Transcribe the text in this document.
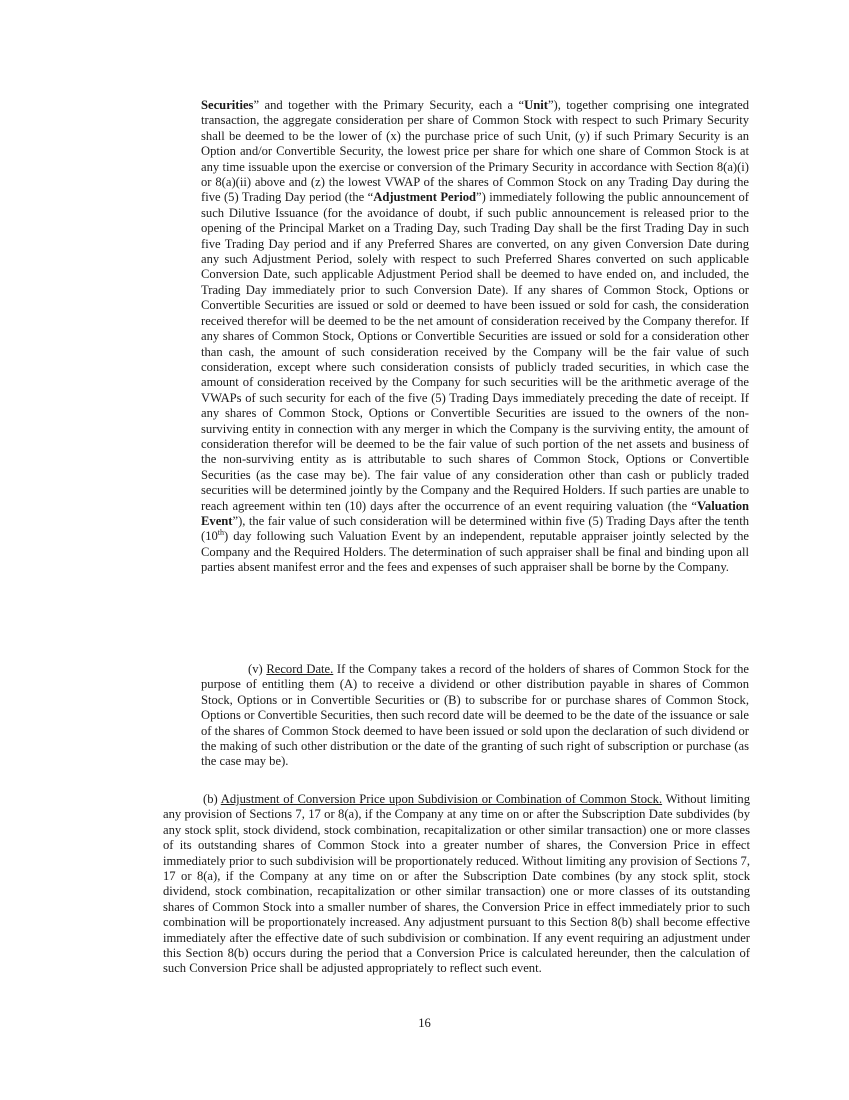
Securities” and together with the Primary Security, each a “Unit”), together comprising one integrated transaction, the aggregate consideration per share of Common Stock with respect to such Primary Security shall be deemed to be the lower of (x) the purchase price of such Unit, (y) if such Primary Security is an Option and/or Convertible Security, the lowest price per share for which one share of Common Stock is at any time issuable upon the exercise or conversion of the Primary Security in accordance with Section 8(a)(i) or 8(a)(ii) above and (z) the lowest VWAP of the shares of Common Stock on any Trading Day during the five (5) Trading Day period (the “Adjustment Period”) immediately following the public announcement of such Dilutive Issuance (for the avoidance of doubt, if such public announcement is released prior to the opening of the Principal Market on a Trading Day, such Trading Day shall be the first Trading Day in such five Trading Day period and if any Preferred Shares are converted, on any given Conversion Date during any such Adjustment Period, solely with respect to such Preferred Shares converted on such applicable Conversion Date, such applicable Adjustment Period shall be deemed to have ended on, and included, the Trading Day immediately prior to such Conversion Date). If any shares of Common Stock, Options or Convertible Securities are issued or sold or deemed to have been issued or sold for cash, the consideration received therefor will be deemed to be the net amount of consideration received by the Company therefor. If any shares of Common Stock, Options or Convertible Securities are issued or sold for a consideration other than cash, the amount of such consideration received by the Company will be the fair value of such consideration, except where such consideration consists of publicly traded securities, in which case the amount of consideration received by the Company for such securities will be the arithmetic average of the VWAPs of such security for each of the five (5) Trading Days immediately preceding the date of receipt. If any shares of Common Stock, Options or Convertible Securities are issued to the owners of the non-surviving entity in connection with any merger in which the Company is the surviving entity, the amount of consideration therefor will be deemed to be the fair value of such portion of the net assets and business of the non-surviving entity as is attributable to such shares of Common Stock, Options or Convertible Securities (as the case may be). The fair value of any consideration other than cash or publicly traded securities will be determined jointly by the Company and the Required Holders. If such parties are unable to reach agreement within ten (10) days after the occurrence of an event requiring valuation (the “Valuation Event”), the fair value of such consideration will be determined within five (5) Trading Days after the tenth (10th) day following such Valuation Event by an independent, reputable appraiser jointly selected by the Company and the Required Holders. The determination of such appraiser shall be final and binding upon all parties absent manifest error and the fees and expenses of such appraiser shall be borne by the Company.

(v) Record Date. If the Company takes a record of the holders of shares of Common Stock for the purpose of entitling them (A) to receive a dividend or other distribution payable in shares of Common Stock, Options or in Convertible Securities or (B) to subscribe for or purchase shares of Common Stock, Options or Convertible Securities, then such record date will be deemed to be the date of the issuance or sale of the shares of Common Stock deemed to have been issued or sold upon the declaration of such dividend or the making of such other distribution or the date of the granting of such right of subscription or purchase (as the case may be).

(b) Adjustment of Conversion Price upon Subdivision or Combination of Common Stock. Without limiting any provision of Sections 7, 17 or 8(a), if the Company at any time on or after the Subscription Date subdivides (by any stock split, stock dividend, stock combination, recapitalization or other similar transaction) one or more classes of its outstanding shares of Common Stock into a greater number of shares, the Conversion Price in effect immediately prior to such subdivision will be proportionately reduced. Without limiting any provision of Sections 7, 17 or 8(a), if the Company at any time on or after the Subscription Date combines (by any stock split, stock dividend, stock combination, recapitalization or other similar transaction) one or more classes of its outstanding shares of Common Stock into a smaller number of shares, the Conversion Price in effect immediately prior to such combination will be proportionately increased. Any adjustment pursuant to this Section 8(b) shall become effective immediately after the effective date of such subdivision or combination. If any event requiring an adjustment under this Section 8(b) occurs during the period that a Conversion Price is calculated hereunder, then the calculation of such Conversion Price shall be adjusted appropriately to reflect such event.

16
